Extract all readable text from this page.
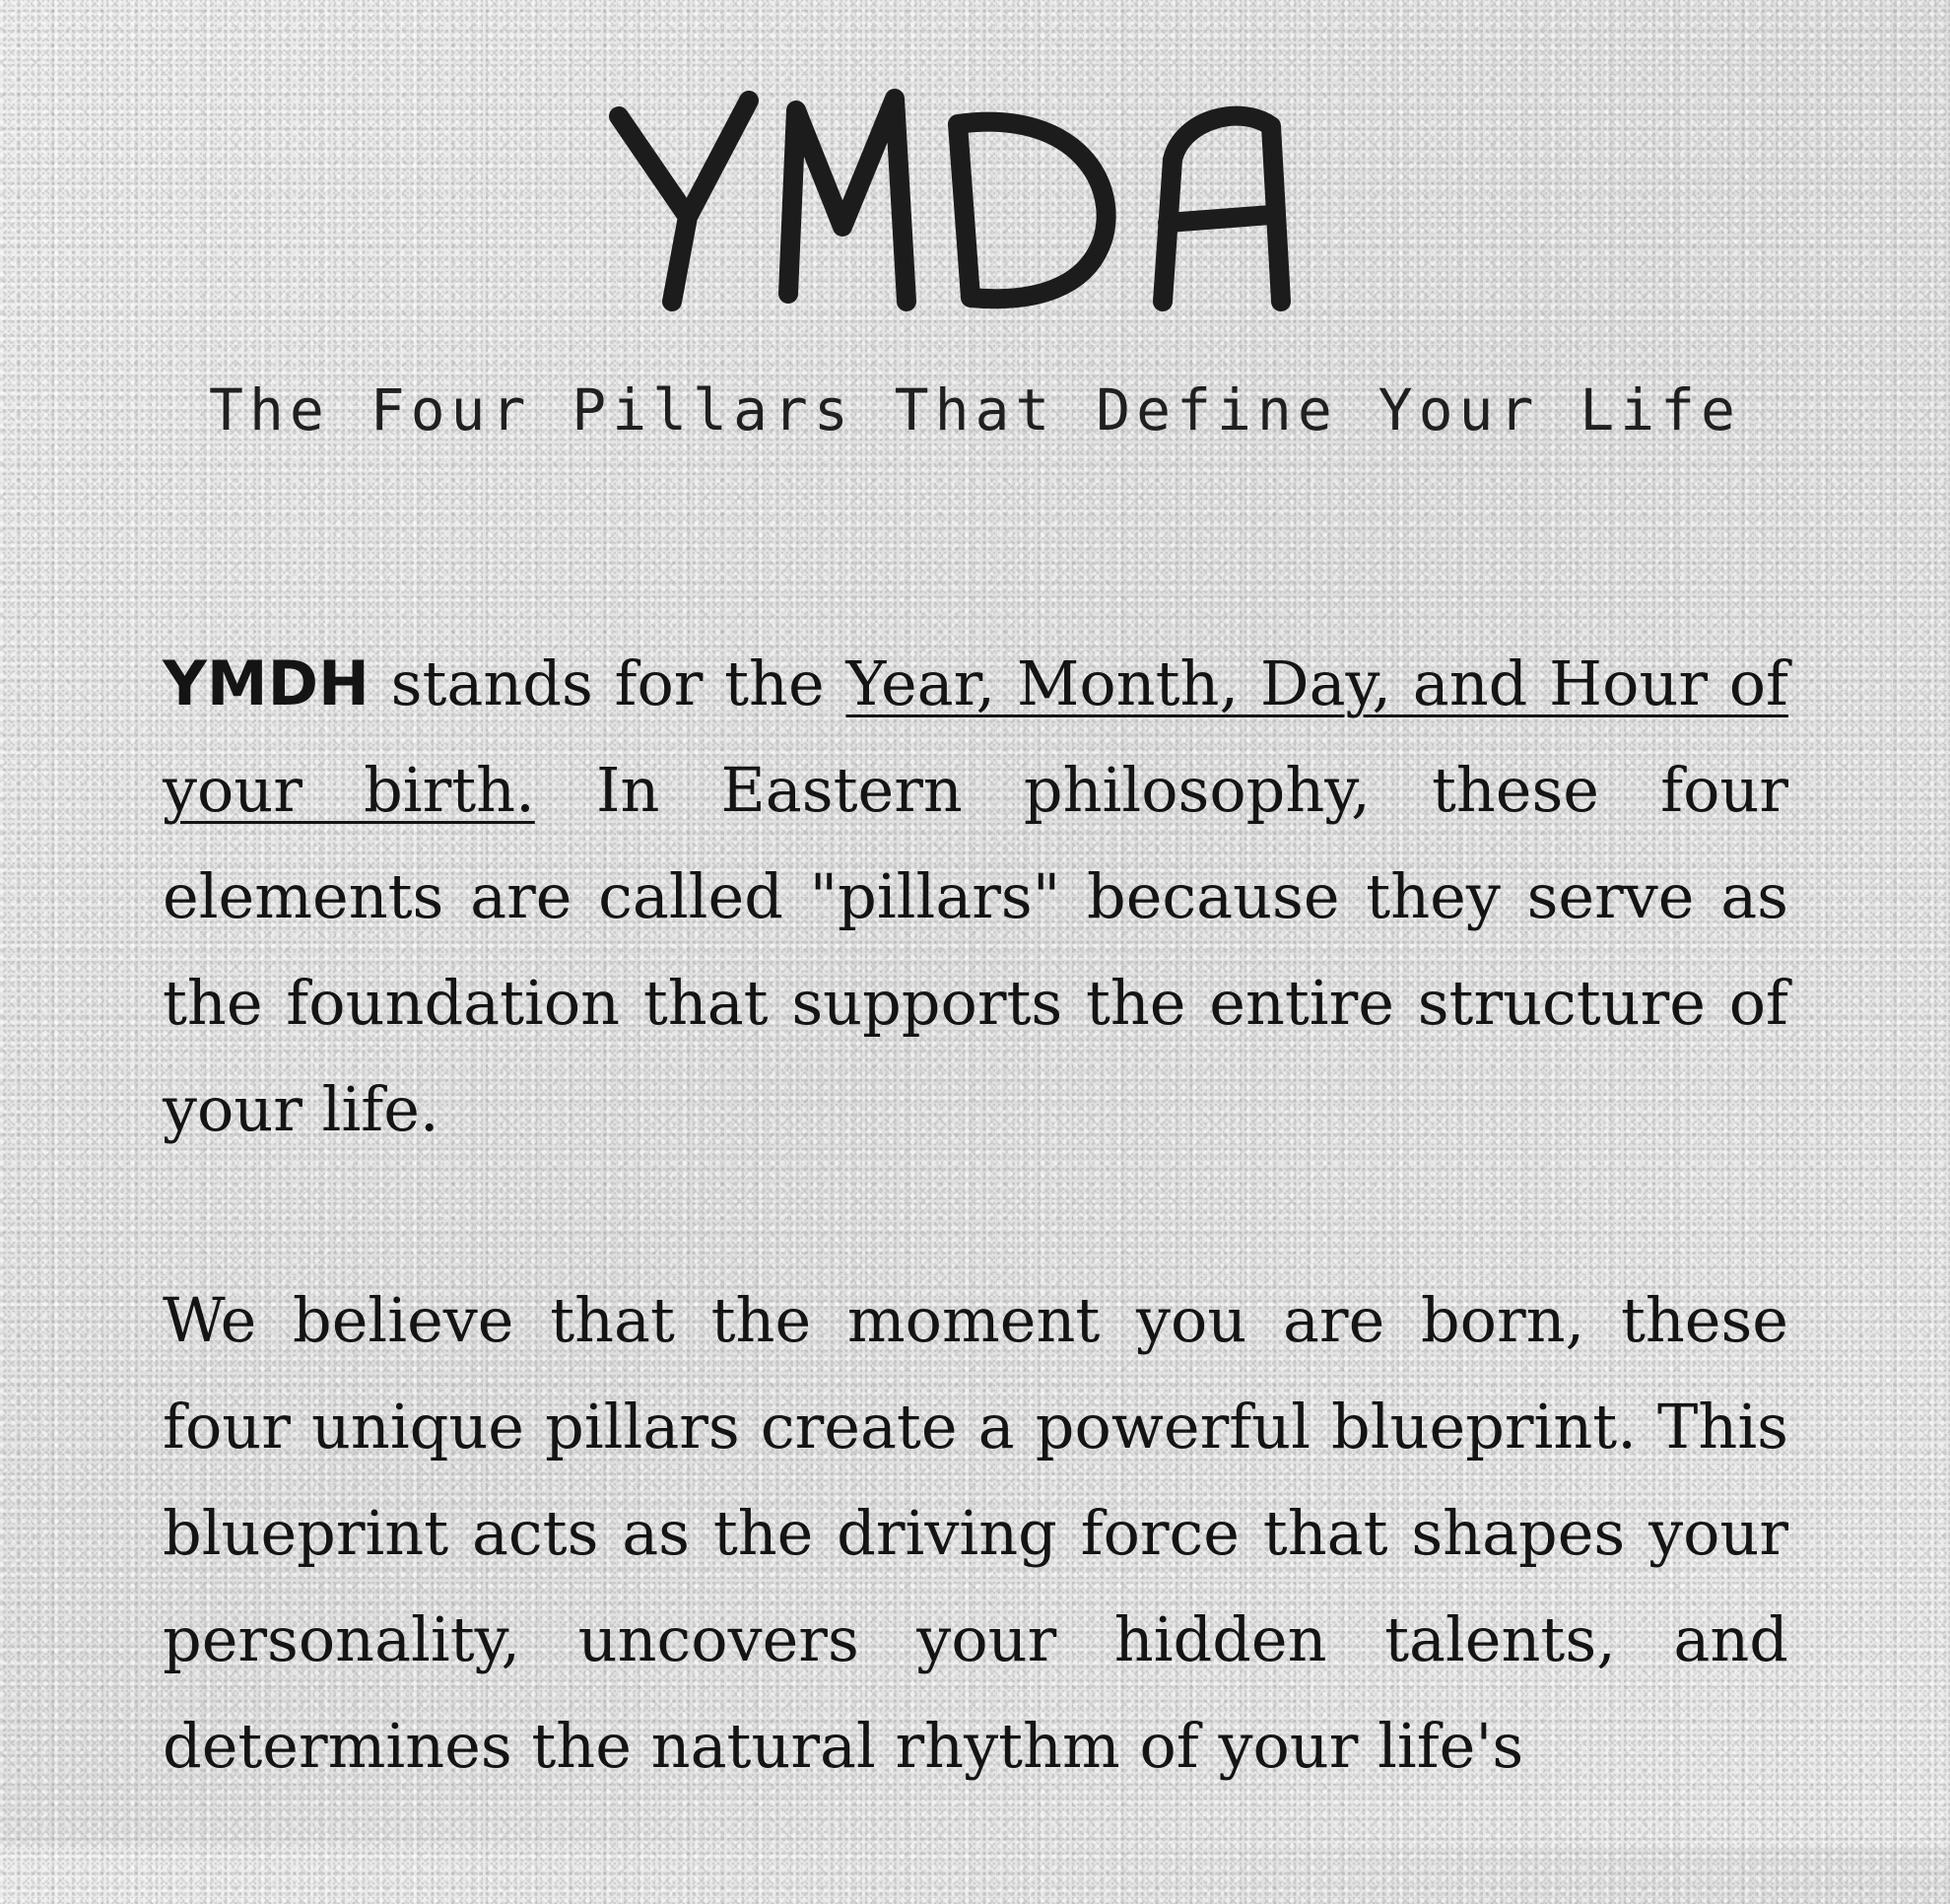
The Four Pillars That Define Your Life

YMDH stands for the Year, Month, Day, and Hour of your birth. In Eastern philosophy, these four elements are called "pillars" because they serve as the foundation that supports the entire structure of your life.

We believe that the moment you are born, these four unique pillars create a powerful blueprint. This blueprint acts as the driving force that shapes your personality, uncovers your hidden talents, and determines the natural rhythm of your life's
